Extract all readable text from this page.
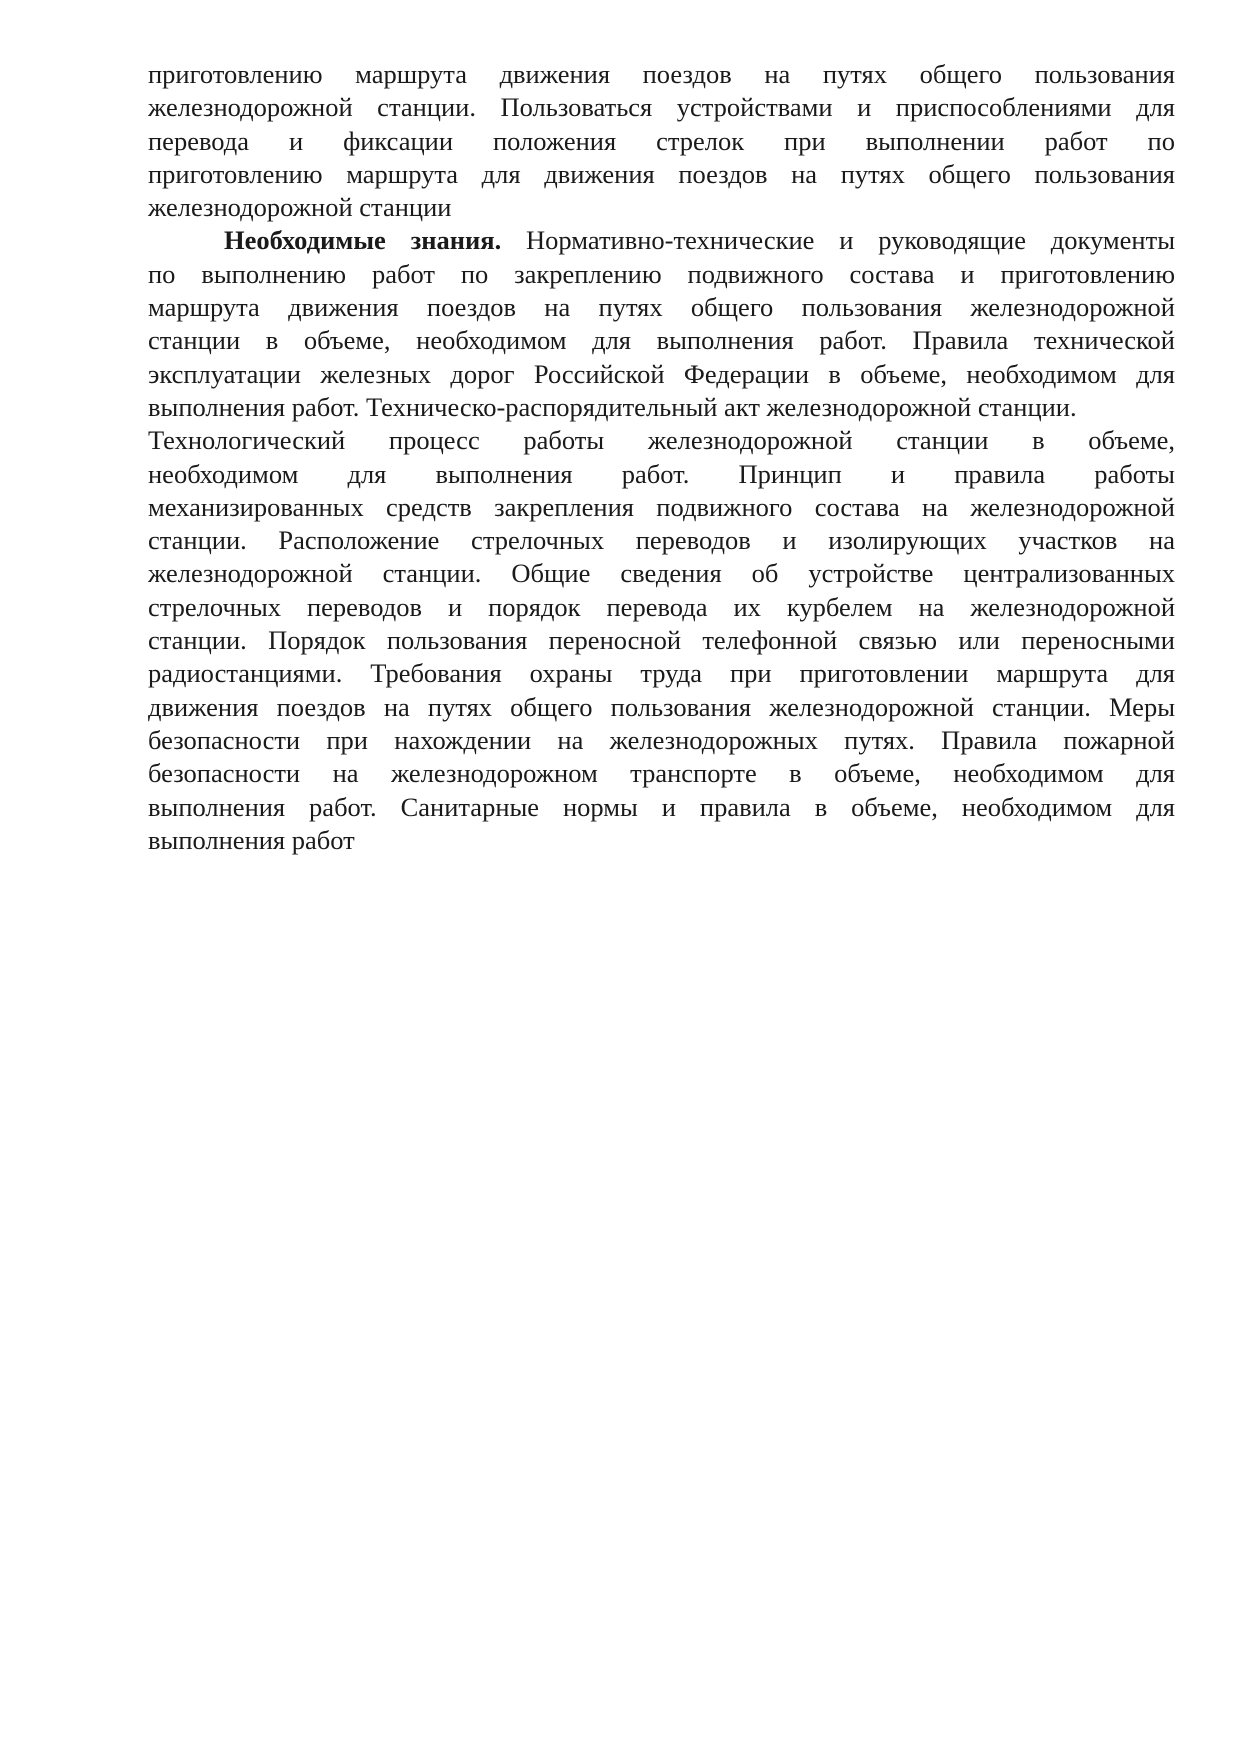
приготовлению маршрута движения поездов на путях общего пользования
железнодорожной станции. Пользоваться устройствами и приспособлениями для
перевода и фиксации положения стрелок при выполнении работ по
приготовлению маршрута для движения поездов на путях общего пользования
железнодорожной станции

Необходимые знания. Нормативно-технические и руководящие документы
по выполнению работ по закреплению подвижного состава и приготовлению
маршрута движения поездов на путях общего пользования железнодорожной
станции в объеме, необходимом для выполнения работ. Правила технической
эксплуатации железных дорог Российской Федерации в объеме, необходимом для
выполнения работ. Техническо-распорядительный акт железнодорожной станции.
Технологический процесс работы железнодорожной станции в объеме,
необходимом для выполнения работ. Принцип и правила работы
механизированных средств закрепления подвижного состава на железнодорожной
станции. Расположение стрелочных переводов и изолирующих участков на
железнодорожной станции. Общие сведения об устройстве централизованных
стрелочных переводов и порядок перевода их курбелем на железнодорожной
станции. Порядок пользования переносной телефонной связью или переносными
радиостанциями. Требования охраны труда при приготовлении маршрута для
движения поездов на путях общего пользования железнодорожной станции. Меры
безопасности при нахождении на железнодорожных путях. Правила пожарной
безопасности на железнодорожном транспорте в объеме, необходимом для
выполнения работ. Санитарные нормы и правила в объеме, необходимом для
выполнения работ
